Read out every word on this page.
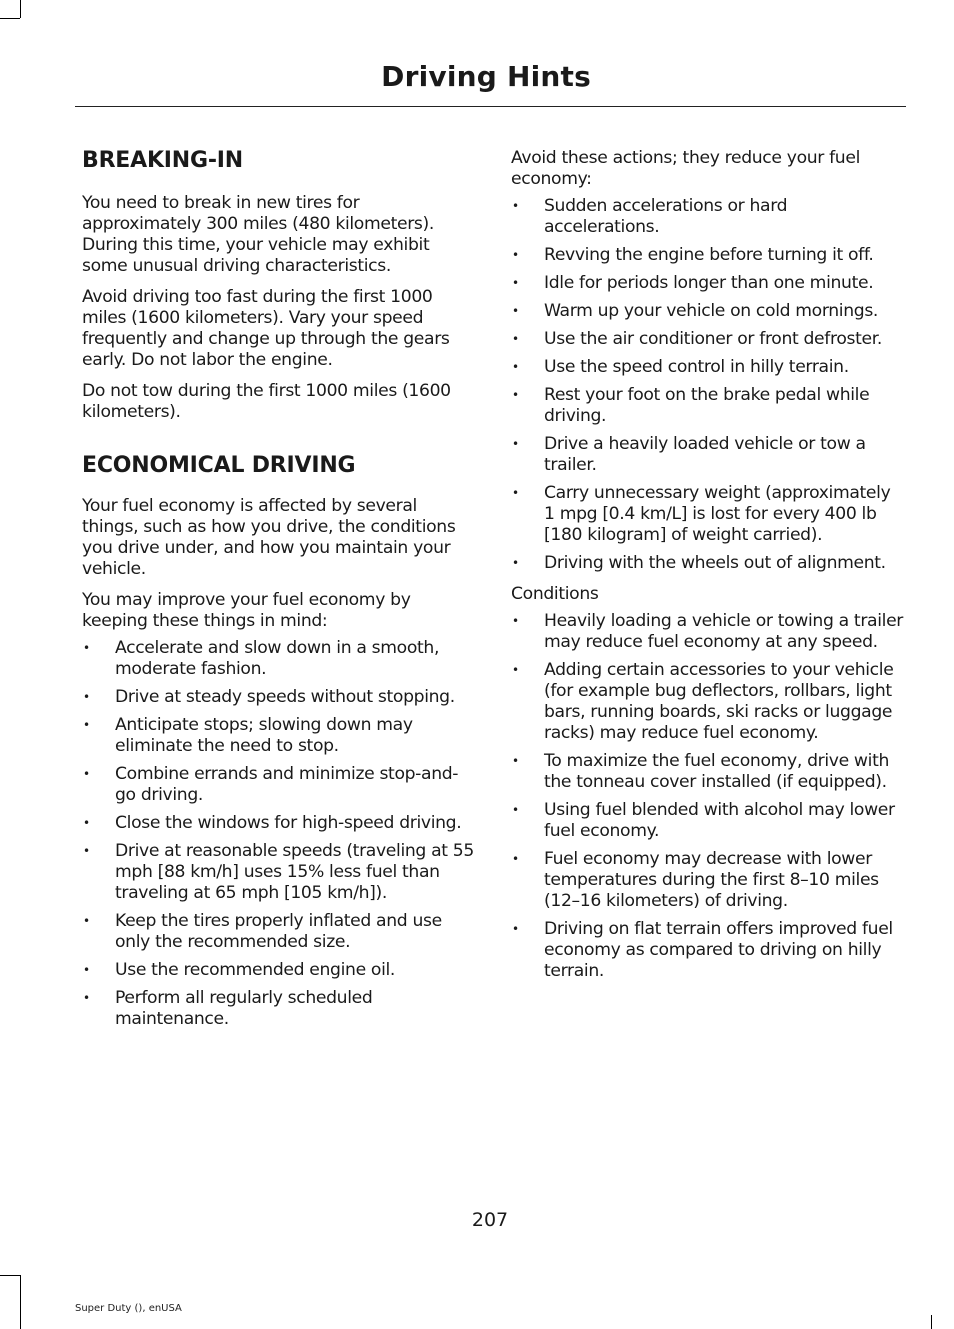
Driving Hints
BREAKING-IN

You need to break in new tires for approximately 300 miles (480 kilometers). During this time, your vehicle may exhibit some unusual driving characteristics.

Avoid driving too fast during the first 1000 miles (1600 kilometers). Vary your speed frequently and change up through the gears early. Do not labor the engine.

Do not tow during the first 1000 miles (1600 kilometers).

ECONOMICAL DRIVING

Your fuel economy is affected by several things, such as how you drive, the conditions you drive under, and how you maintain your vehicle.

You may improve your fuel economy by keeping these things in mind:

• Accelerate and slow down in a smooth, moderate fashion.
• Drive at steady speeds without stopping.
• Anticipate stops; slowing down may eliminate the need to stop.
• Combine errands and minimize stop-and-go driving.
• Close the windows for high-speed driving.
• Drive at reasonable speeds (traveling at 55 mph [88 km/h] uses 15% less fuel than traveling at 65 mph [105 km/h]).
• Keep the tires properly inflated and use only the recommended size.
• Use the recommended engine oil.
• Perform all regularly scheduled maintenance.

Avoid these actions; they reduce your fuel economy:

• Sudden accelerations or hard accelerations.
• Revving the engine before turning it off.
• Idle for periods longer than one minute.
• Warm up your vehicle on cold mornings.
• Use the air conditioner or front defroster.
• Use the speed control in hilly terrain.
• Rest your foot on the brake pedal while driving.
• Drive a heavily loaded vehicle or tow a trailer.
• Carry unnecessary weight (approximately 1 mpg [0.4 km/L] is lost for every 400 lb [180 kilogram] of weight carried).
• Driving with the wheels out of alignment.

Conditions

• Heavily loading a vehicle or towing a trailer may reduce fuel economy at any speed.
• Adding certain accessories to your vehicle (for example bug deflectors, rollbars, light bars, running boards, ski racks or luggage racks) may reduce fuel economy.
• To maximize the fuel economy, drive with the tonneau cover installed (if equipped).
• Using fuel blended with alcohol may lower fuel economy.
• Fuel economy may decrease with lower temperatures during the first 8–10 miles (12–16 kilometers) of driving.
• Driving on flat terrain offers improved fuel economy as compared to driving on hilly terrain.
207
Super Duty (), enUSA
